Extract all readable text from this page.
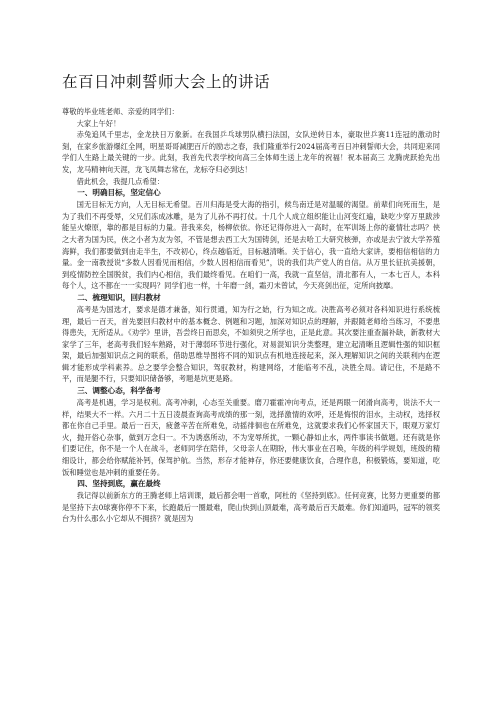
在百日冲刺誓师大会上的讲话

尊敬的毕业班老师、亲爱的同学们：

大家上午好！

赤兔追风千里志，金龙抉日万象新。在我国乒乓球男队横扫法国，女队逆转日本，豪取世乒赛11连冠的激动时刻，在家乡旅游爆红全网，明星哥哥减肥百斤的励志之春，我们隆重举行2024届高考百日冲刺誓师大会，共同迎来同学们人生路上最关键的一步。此刻，我首先代表学校向高三全体师生送上龙年的祝福！祝本届高三 龙腾虎跃抢先出发，龙马精神向天涯，龙飞凤舞志常在，龙标夺归必到达！

借此机会，我提几点希望：

一、明确目标，坚定信心

国无目标无方向，人无目标无希望。百川归海是受大海的指引，候鸟南迁是对温暖的渴望。前辈们向死而生，是为了我们不再受辱，父兄们冻成冰雕，是为了儿孙不再打仗。十几个人成立组织能让山河变红遍，缺吃少穿万里跋涉能呈火燎原，靠的都是目标的力量。昔我来矣，杨柳依依。你还记得你进入一高时，在军训场上你的豪情壮志吗？侠之大者为国为民，侠之小者为友为邻，不管是想去西工大为国铸剑，还是去哈工大研究核弹，亦或是去宁波大学养殖海鲜，我们都要做到由走半生，不改初心，终点越临近，目标越清晰。关于信心，我一直给大家讲，要相信相信的力量。金一南教授说“多数人因看见而相信，少数人因相信而看见”，说的我们共产党人的自信。从万里长征抗美援朝，到疫情防控全国脱贫，我们内心相信，我们最终看见。在咱们一高，我就一直坚信，清北都有人，一本七百人，本科每个人，这不都在一一实现吗？同学们也一样，十年磨一剑，霜刃未曾试，今天亮剑出征，定所向披靡。

二、梳理知识，回归教材

高考是为国选才，要求是德才兼备，知行贯通，知为行之始，行为知之成。决胜高考必须对各科知识进行系统梳理，最后一百天，首先要回归教材中的基本概念、例题和习题，加深对知识点的理解，并跟随老师给当练习，不要患得患失，无所适从。《劝学》里讲，吾尝终日而思矣，不如须臾之所学也，正是此意。其次要注重查漏补缺，新教材大家学了三年，老高考我们轻车熟路，对于薄弱环节进行强化，对易混知识分类整理，建立起清晰且逻辑性强的知识框架，最后加强知识点之间的联系，借助思维导图将不同的知识点有机地连接起来，深入理解知识之间的关联利内在逻辑才能形成学科素养。总之要学会整合知识，驾驭教材，构建网络，才能临考不乱，决胜全局。请记住，不是路不平，而是腿不行，只要知识储备够，考题是坑更是路。

三、调整心态，科学备考

高考是机遇，学习是权利。高考冲刺，心态至关重要。磨刀霍霍冲向考点，还是两眼一闭滑向高考，说法不大一样，结果大不一样。六月二十五日凌晨查询高考成绩的那一刻，选择激情的欢呼，还是悔恨的泪水，主动权，选择权都在你自己手里。最后一百天，疲惫辛苦在所难免，动摇徘徊也在所难免，这就要求我们心怀家国天下，眼观万家灯火，抛开俗心杂事，做到万念归一。不为诱惑所动，不为宠辱所扰，一颗心静如止水，两件事读书做题。还有就是你们要记住，你不是一个人在战斗，老师同学在陪伴，父母亲人在期盼，伟大事业在召唤，年级的科学规划，班级的精细设计，都会给你赋能补钙，保驾护航。当然，形存才能神存，你还要健康饮食，合理作息，积极锻炼，要知道，吃饭和睡觉也是冲刺的重要任务。

四、坚持到底，赢在最终

我记得以前新东方的王腾老师上培训课，最后都会唱一首歌，阿杜的《坚持到底》。任何竞赛，比努力更重要的都是坚持下去0球赛你停不下来，长跑最后一圈最难，爬山快到山顶最难，高考最后百天最难。你们知道吗，冠军的领奖台为什么那么小它却从不拥挤？就是因为
